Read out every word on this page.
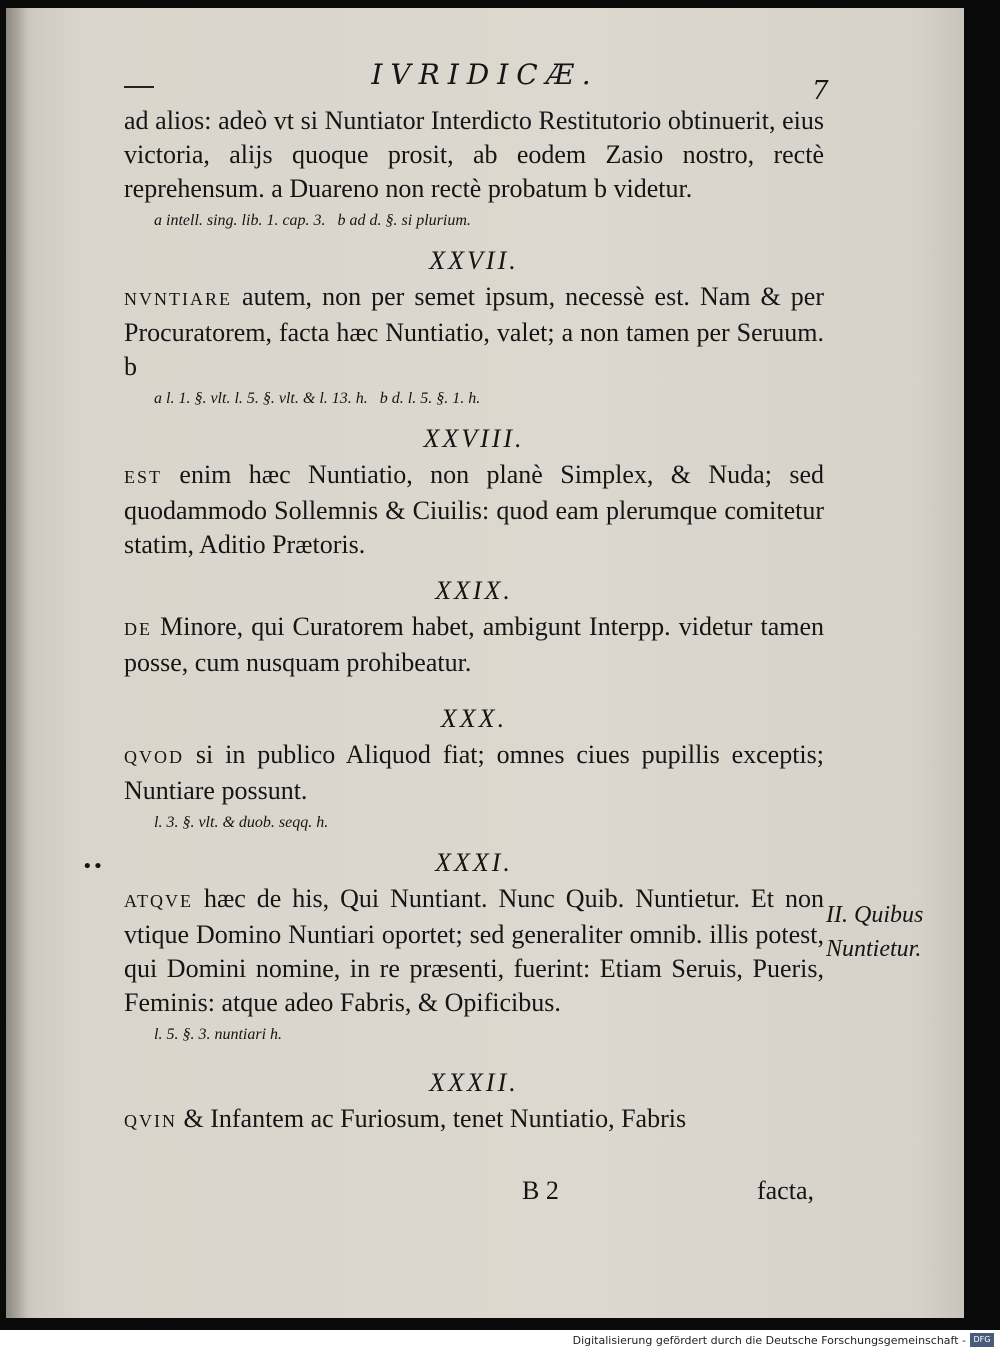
IVRIDICÆ.	7

ad alios: adeò vt si Nuntiator Interdicto Restitutorio obtinuerit, eius victoria, alijs quoque prosit, ab eodem Zasio nostro, rectè reprehensum. a Duareno non rectè probatum b videtur.

a intell. sing. lib. 1. cap. 3.   b ad d. §. si plurium.
XXVII.

NVNTIARE autem, non per semet ipsum, necessè est. Nam & per Procuratorem, facta hæc Nuntiatio, valet; a non tamen per Seruum. b

a l. 1. §. vlt. l. 5. §. vlt. & l. 13. h.   b d. l. 5. §. 1. h.
XXVIII.

EST enim hæc Nuntiatio, non planè Simplex, & Nuda; sed quodammodo Sollemnis & Ciuilis: quod eam plerumque comitetur statim, Aditio Prætoris.

XXIX.

DE Minore, qui Curatorem habet, ambigunt Interpp. videtur tamen posse, cum nusquam prohibeatur.

XXX.

QVOD si in publico Aliquod fiat; omnes ciues pupillis exceptis; Nuntiare possunt.

l. 3. §. vlt. & duob. seqq. h.
XXXI.

ATQVE hæc de his, Qui Nuntiant. Nunc Quib. Nuntietur. Et non vtique Domino Nuntiari oportet; sed generaliter omnib. illis potest, qui Domini nomine, in re præsenti, fuerint: Etiam Seruis, Pueris, Feminis: atque adeo Fabris, & Opificibus.

l. 5. §. 3. nuntiari h.
XXXII.

QVIN & Infantem ac Furiosum, tenet Nuntiatio, Fabris

II. Quibus
Nuntietur.
••
B 2	facta,
Digitalisierung gefördert durch die Deutsche Forschungsgemeinschaft - DFG
